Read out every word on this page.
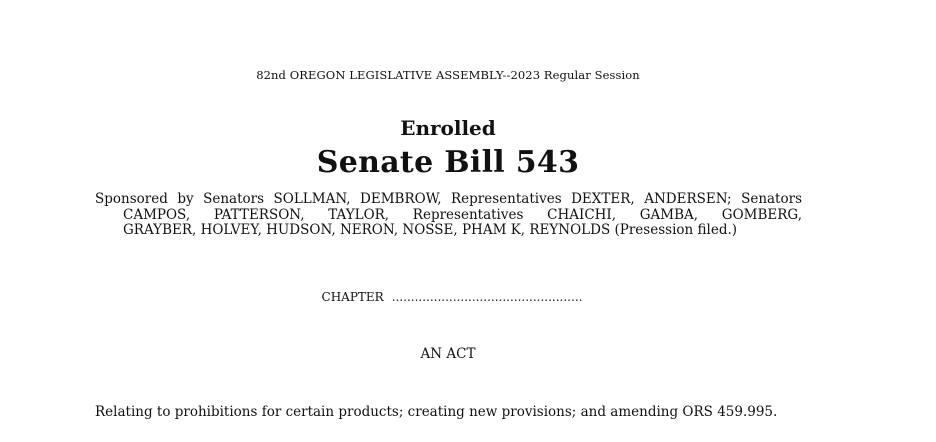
82nd OREGON LEGISLATIVE ASSEMBLY--2023 Regular Session
Enrolled
Senate Bill 543
Sponsored by Senators SOLLMAN, DEMBROW, Representatives DEXTER, ANDERSEN; Senators
CAMPOS, PATTERSON, TAYLOR, Representatives CHAICHI, GAMBA, GOMBERG,
GRAYBER, HOLVEY, HUDSON, NERON, NOSSE, PHAM K, REYNOLDS (Presession filed.)
CHAPTER ..................................................
AN ACT
Relating to prohibitions for certain products; creating new provisions; and amending ORS 459.995.
